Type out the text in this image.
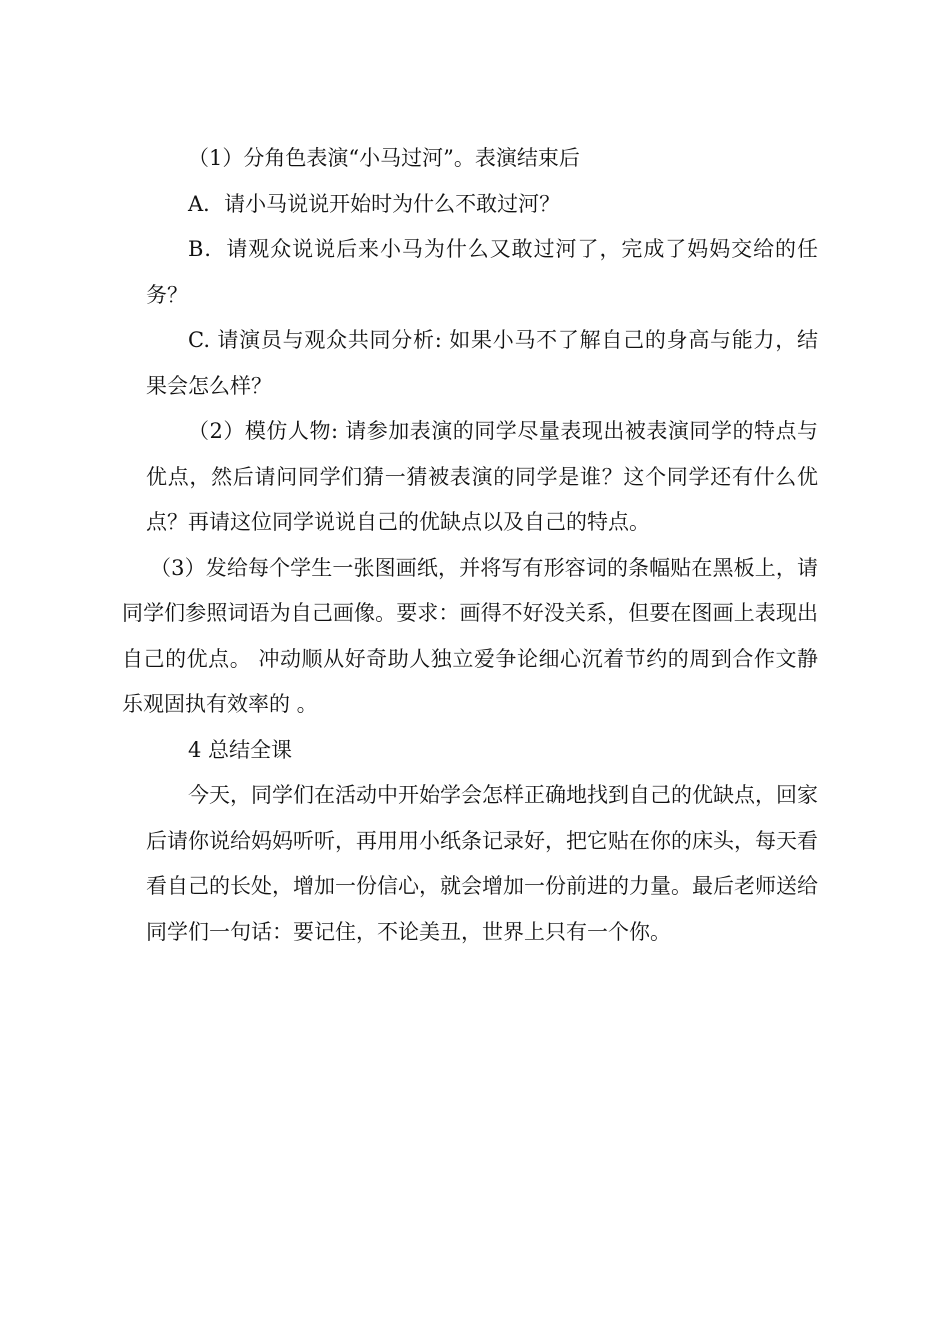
（1）分角色表演“小马过河”。表演结束后

A．请小马说说开始时为什么不敢过河？

B．请观众说说后来小马为什么又敢过河了，完成了妈妈交给的任务？

C. 请演员与观众共同分析: 如果小马不了解自己的身高与能力，结果会怎么样？

（2）模仿人物: 请参加表演的同学尽量表现出被表演同学的特点与优点，然后请问同学们猜一猜被表演的同学是谁？这个同学还有什么优点？再请这位同学说说自己的优缺点以及自己的特点。

（3）发给每个学生一张图画纸，并将写有形容词的条幅贴在黑板上，请同学们参照词语为自己画像。要求：画得不好没关系，但要在图画上表现出自己的优点。 冲动顺从好奇助人独立爱争论细心沉着节约的周到合作文静乐观固执有效率的 。

4 总结全课

今天，同学们在活动中开始学会怎样正确地找到自己的优缺点，回家后请你说给妈妈听听，再用用小纸条记录好，把它贴在你的床头，每天看看自己的长处，增加一份信心，就会增加一份前进的力量。最后老师送给同学们一句话：要记住，不论美丑，世界上只有一个你。
